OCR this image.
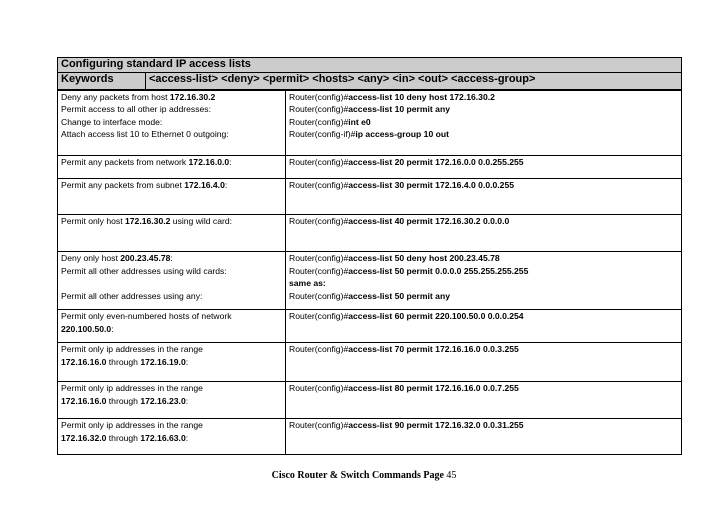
Configuring standard IP access lists		
Keywords	<access-list> <deny> <permit> <hosts> <any> <in> <out> <access-group>	

Deny any packets from host 172.16.30.2
Permit access to all other ip addresses:
Change to interface mode:
Attach access list 10 to Ethernet 0 outgoing:		Router(config)#access-list 10 deny host 172.16.30.2
Router(config)#access-list 10 permit any
Router(config)#int e0
Router(config-if)#ip access-group 10 out

Permit any packets from network 172.16.0.0:		Router(config)#access-list 20 permit 172.16.0.0 0.0.255.255

Permit any packets from subnet 172.16.4.0:		Router(config)#access-list 30 permit 172.16.4.0 0.0.0.255

Permit only host 172.16.30.2 using wild card:		Router(config)#access-list 40 permit 172.16.30.2 0.0.0.0

Deny only host 200.23.45.78:
Permit all other addresses using wild cards:
Permit all other addresses using any:		Router(config)#access-list 50 deny host 200.23.45.78
Router(config)#access-list 50 permit 0.0.0.0 255.255.255.255
same as:
Router(config)#access-list 50 permit any

Permit only even-numbered hosts of network
220.100.50.0:		Router(config)#access-list 60 permit 220.100.50.0 0.0.0.254

Permit only ip addresses in the range
172.16.16.0 through 172.16.19.0:		Router(config)#access-list 70 permit 172.16.16.0 0.0.3.255

Permit only ip addresses in the range
172.16.16.0 through 172.16.23.0:		Router(config)#access-list 80 permit 172.16.16.0 0.0.7.255

Permit only ip addresses in the range
172.16.32.0 through 172.16.63.0:		Router(config)#access-list 90 permit 172.16.32.0 0.0.31.255
Cisco Router & Switch Commands Page 45
